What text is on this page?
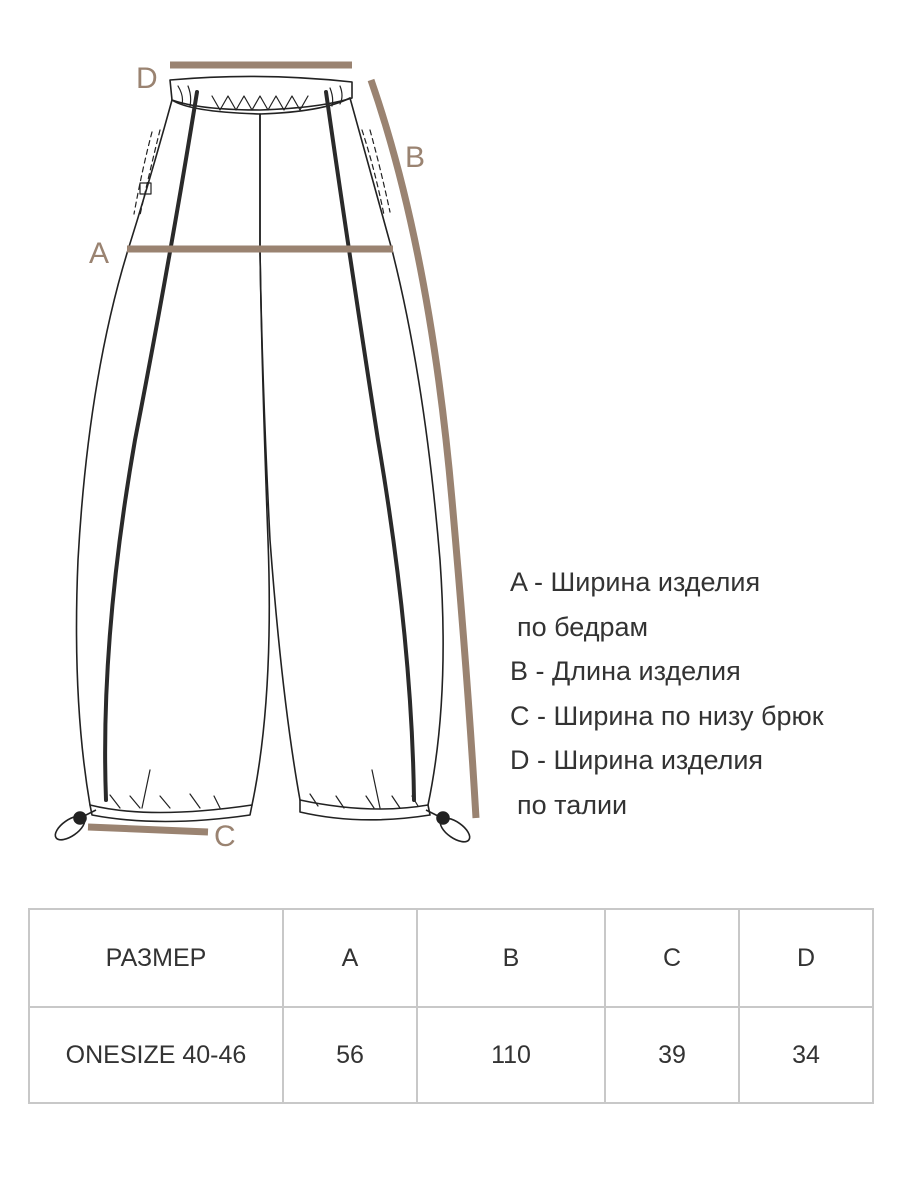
D
B
A
C
A - Ширина изделия
по бедрам
B - Длина изделия
C - Ширина по низу брюк
D - Ширина изделия
по талии
РАЗМЕР	A	B	C	D
ONESIZE 40-46	56	110	39	34
